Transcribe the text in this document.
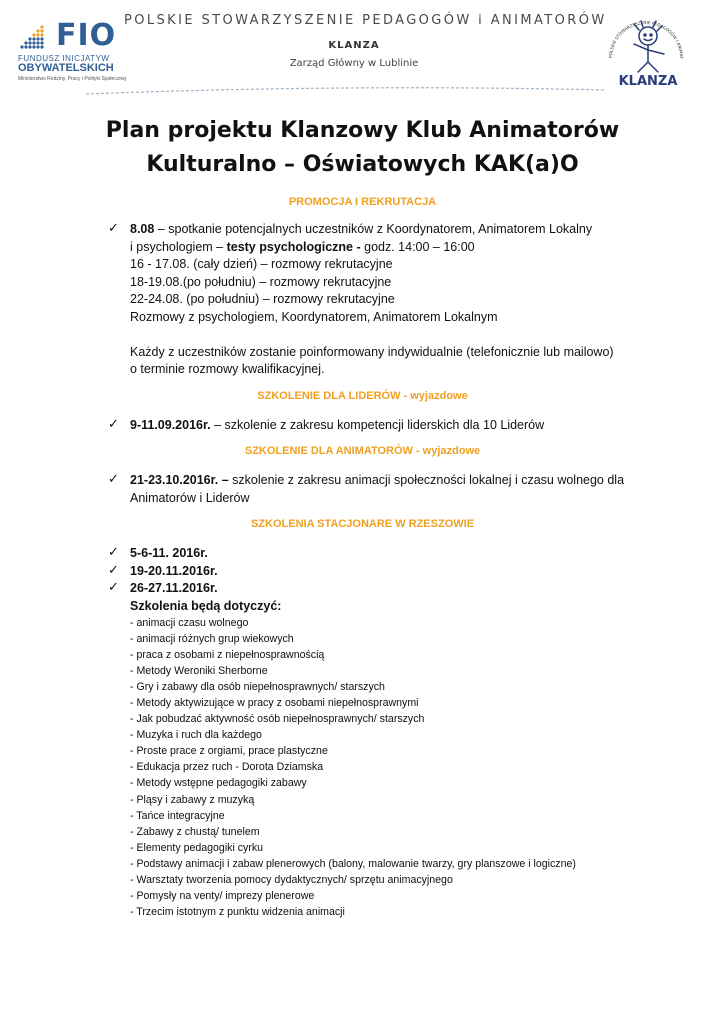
FIO
FUNDUSZ INICJATYW
OBYWATELSKICH
Ministerstwo Rodziny, Pracy i Polityki Społecznej
POLSKIE STOWARZYSZENIE PEDAGOGÓW i ANIMATORÓW
KLANZA
Zarząd Główny w Lublinie
POLSKIE STOWARZYSZENIE PEDAGOGÓW I ANIMAT
KLANZA
Plan projektu Klanzowy Klub Animatorów
Kulturalno – Oświatowych KAK(a)O
PROMOCJA I REKRUTACJA
✓ 8.08 – spotkanie potencjalnych uczestników z Koordynatorem, Animatorem Lokalny
i psychologiem – testy psychologiczne - godz. 14:00 – 16:00
16 - 17.08. (cały dzień) – rozmowy rekrutacyjne
18-19.08.(po południu) – rozmowy rekrutacyjne
22-24.08. (po południu) – rozmowy rekrutacyjne
Rozmowy z psychologiem, Koordynatorem, Animatorem Lokalnym
Każdy z uczestników zostanie poinformowany indywidualnie (telefonicznie lub mailowo)
o terminie rozmowy kwalifikacyjnej.
SZKOLENIE DLA LIDERÓW - wyjazdowe
✓ 9-11.09.2016r. – szkolenie z zakresu kompetencji liderskich dla 10 Liderów
SZKOLENIE DLA ANIMATORÓW - wyjazdowe
✓ 21-23.10.2016r. – szkolenie z zakresu animacji społeczności lokalnej i czasu wolnego dla
Animatorów i Liderów
SZKOLENIA STACJONARE W RZESZOWIE
✓
✓
✓
5-6-11. 2016r.
19-20.11.2016r.
26-27.11.2016r.
Szkolenia będą dotyczyć:
- animacji czasu wolnego
- animacji różnych grup wiekowych
- praca z osobami z niepełnosprawnością
- Metody Weroniki Sherborne
- Gry i zabawy dla osób niepełnosprawnych/ starszych
- Metody aktywizujące w pracy z osobami niepełnosprawnymi
- Jak pobudzać aktywność osób niepełnosprawnych/ starszych
- Muzyka i ruch dla każdego
- Proste prace z orgiami, prace plastyczne
- Edukacja przez ruch - Dorota Dziamska
- Metody wstępne pedagogiki zabawy
- Pląsy i zabawy z muzyką
- Tańce integracyjne
- Zabawy z chustą/ tunelem
- Elementy pedagogiki cyrku
- Podstawy animacji i zabaw plenerowych (balony, malowanie twarzy, gry planszowe i logiczne)
- Warsztaty tworzenia pomocy dydaktycznych/ sprzętu animacyjnego
- Pomysły na venty/ imprezy plenerowe
- Trzecim istotnym z punktu widzenia animacji
